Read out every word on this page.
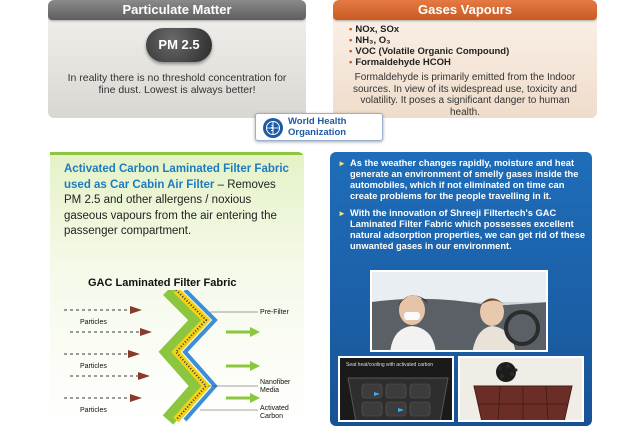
Particulate Matter
PM 2.5
In reality there is no threshold concentration for fine dust. Lowest is always better!
Gases Vapours
• NOx, SOx
• NH₃, O₃
• VOC (Volatile Organic Compound)
• Formaldehyde HCOH
Formaldehyde is primarily emitted from the Indoor sources. In view of its widespread use, toxicity and volatility. It poses a significant danger to human health.
World Health
Organization
Activated Carbon Laminated Filter Fabric used as Car Cabin Air Filter – Removes PM 2.5 and other allergens / noxious gaseous vapours from the air entering the passenger compartment.
GAC Laminated Filter Fabric
Pre-Filter
Nanofiber
Media
Activated
Carbon
Particles
Particles
Particles
► As the weather changes rapidly, moisture and heat generate an environment of smelly gases inside the automobiles, which if not eliminated on time can create problems for the people travelling in it.
► With the innovation of Shreeji Filtertech's GAC Laminated Filter Fabric which possesses excellent natural adsorption properties, we can get rid of these unwanted gases in our environment.
Seat heat/cooling with activated carbon
